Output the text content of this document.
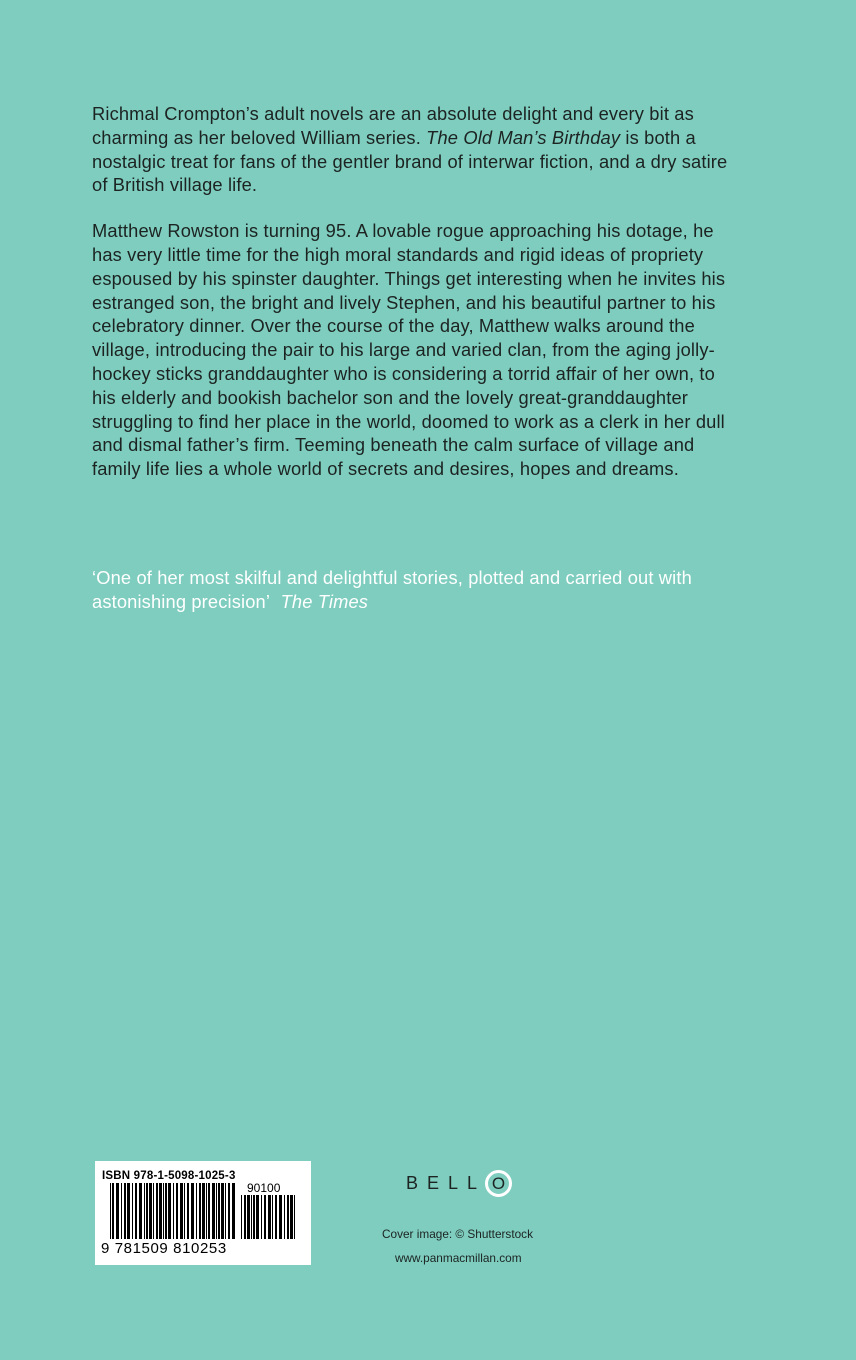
Richmal Crompton’s adult novels are an absolute delight and every bit as charming as her beloved William series. The Old Man’s Birthday is both a nostalgic treat for fans of the gentler brand of interwar fiction, and a dry satire of British village life.

Matthew Rowston is turning 95. A lovable rogue approaching his dotage, he has very little time for the high moral standards and rigid ideas of propriety espoused by his spinster daughter. Things get interesting when he invites his estranged son, the bright and lively Stephen, and his beautiful partner to his celebratory dinner. Over the course of the day, Matthew walks around the village, introducing the pair to his large and varied clan, from the aging jolly-hockey sticks granddaughter who is considering a torrid affair of her own, to his elderly and bookish bachelor son and the lovely great-granddaughter struggling to find her place in the world, doomed to work as a clerk in her dull and dismal father’s firm. Teeming beneath the calm surface of village and family life lies a whole world of secrets and desires, hopes and dreams.

‘One of her most skilful and delightful stories, plotted and carried out with astonishing precision’ The Times
ISBN 978-1-5098-1025-3
90100
9 781509 810253
BELL O
Cover image: © Shutterstock
www.panmacmillan.com
